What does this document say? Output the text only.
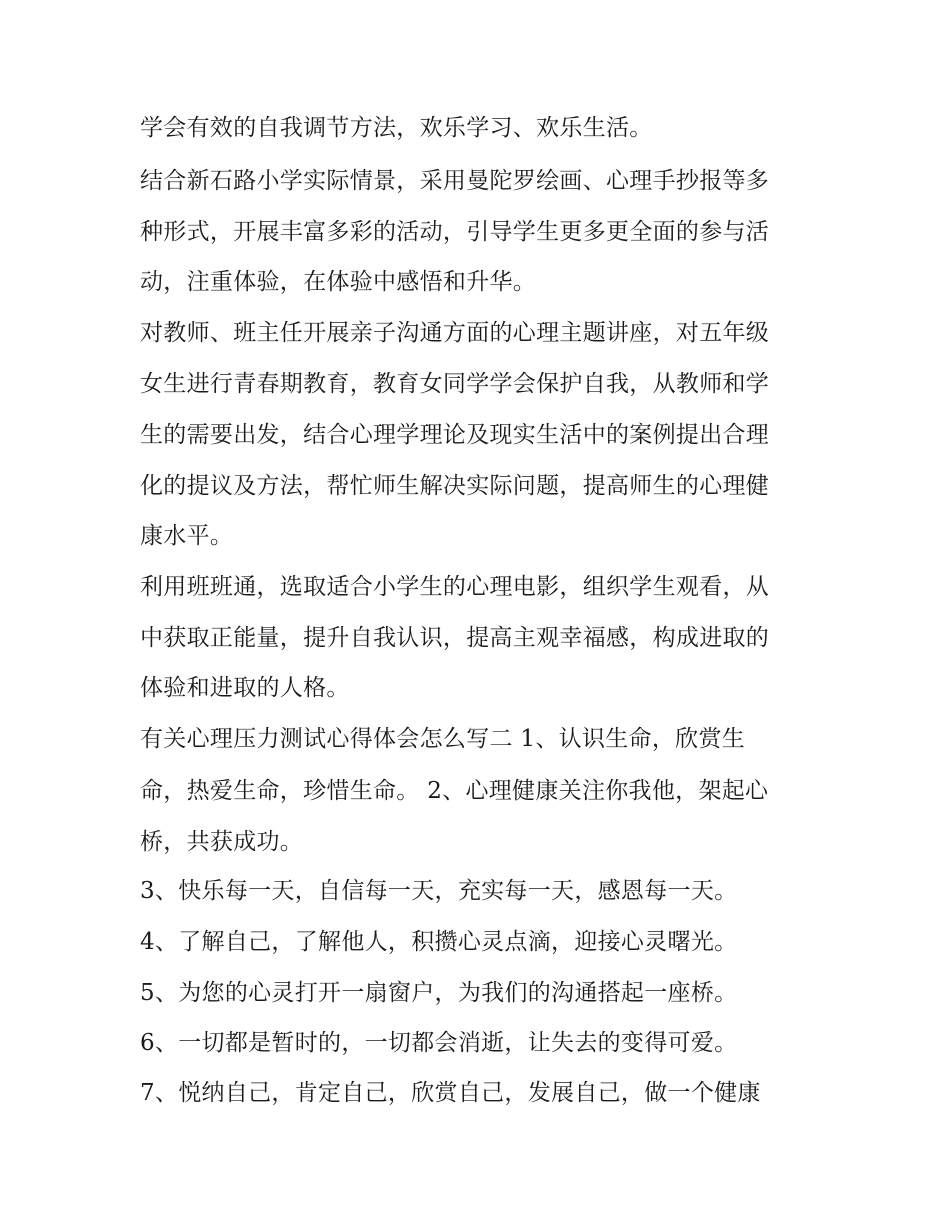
学会有效的自我调节方法，欢乐学习、欢乐生活。
结合新石路小学实际情景，采用曼陀罗绘画、心理手抄报等多
种形式，开展丰富多彩的活动，引导学生更多更全面的参与活
动，注重体验，在体验中感悟和升华。
对教师、班主任开展亲子沟通方面的心理主题讲座，对五年级
女生进行青春期教育，教育女同学学会保护自我，从教师和学
生的需要出发，结合心理学理论及现实生活中的案例提出合理
化的提议及方法，帮忙师生解决实际问题，提高师生的心理健
康水平。
利用班班通，选取适合小学生的心理电影，组织学生观看，从
中获取正能量，提升自我认识，提高主观幸福感，构成进取的
体验和进取的人格。
有关心理压力测试心得体会怎么写二 1、认识生命，欣赏生
命，热爱生命，珍惜生命。 2、心理健康关注你我他，架起心
桥，共获成功。
3、快乐每一天，自信每一天，充实每一天，感恩每一天。
4、了解自己，了解他人，积攒心灵点滴，迎接心灵曙光。
5、为您的心灵打开一扇窗户，为我们的沟通搭起一座桥。
6、一切都是暂时的，一切都会消逝，让失去的变得可爱。
7、悦纳自己，肯定自己，欣赏自己，发展自己，做一个健康
